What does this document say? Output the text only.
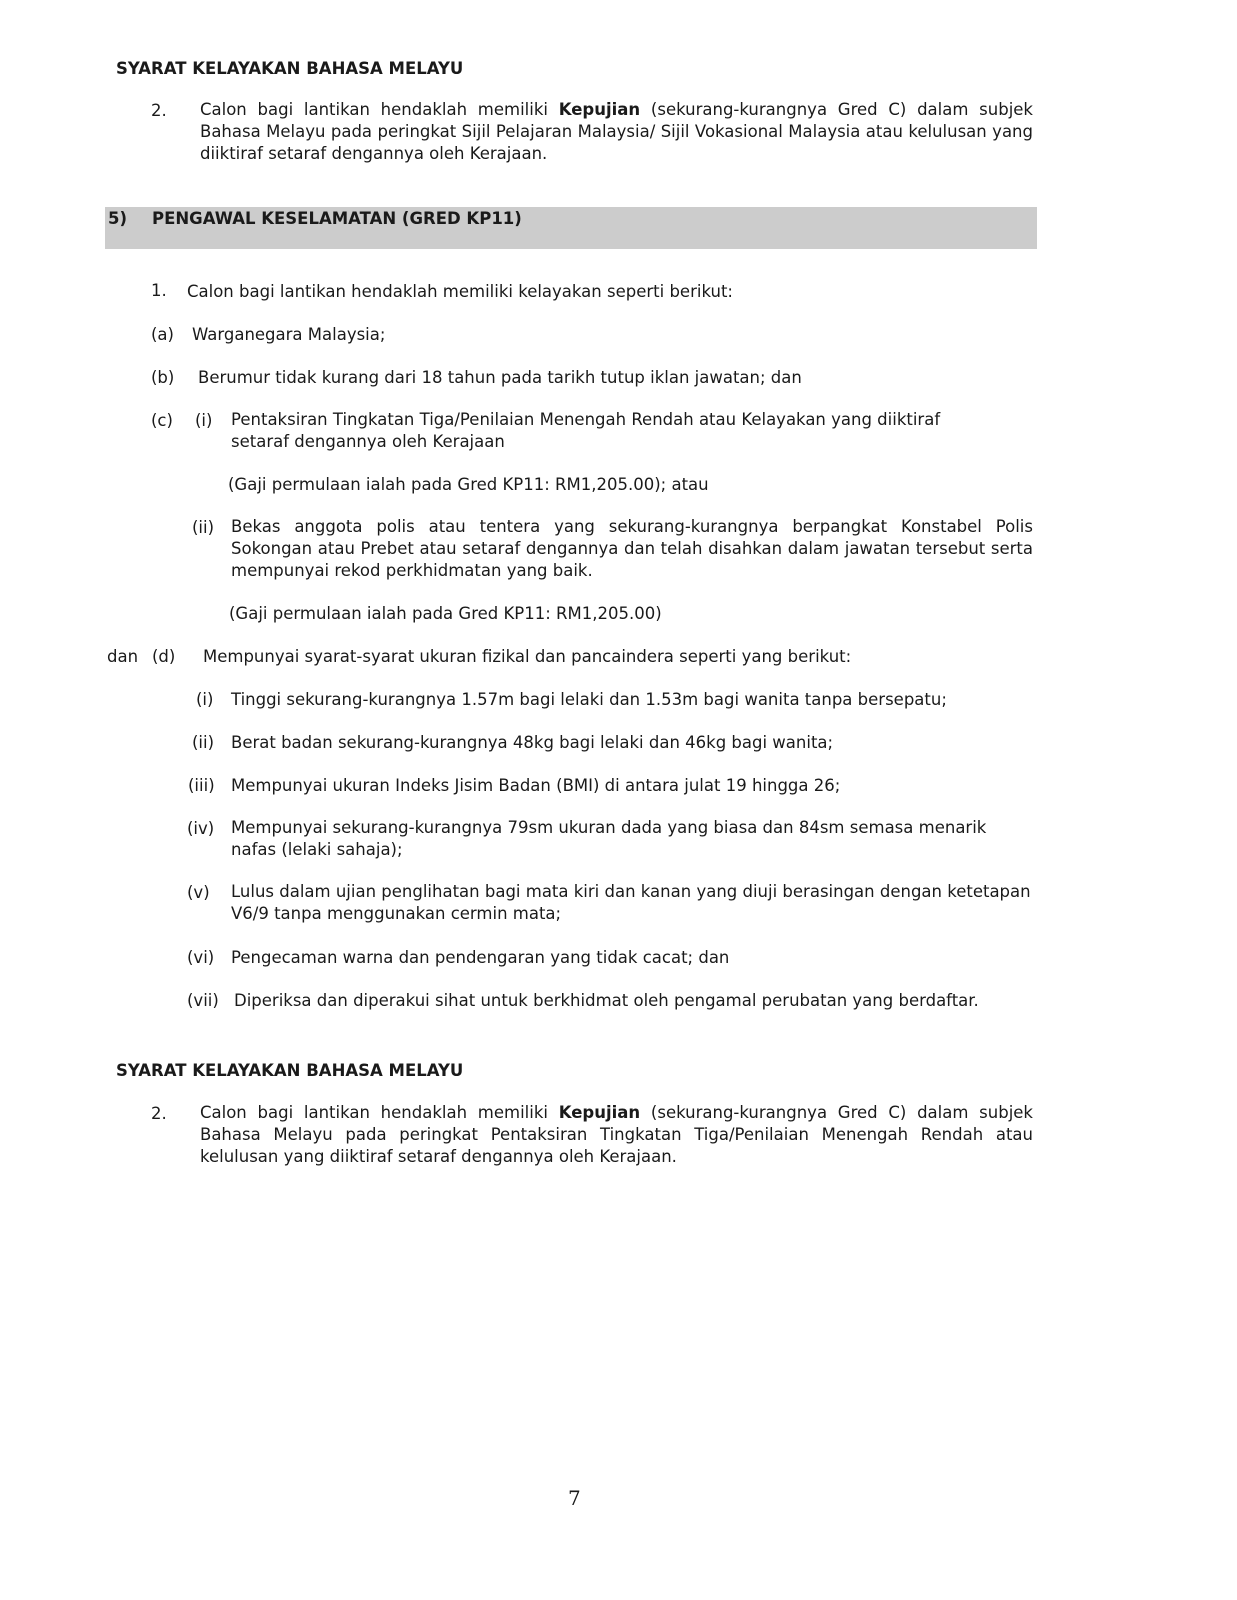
SYARAT KELAYAKAN BAHASA MELAYU
2. Calon bagi lantikan hendaklah memiliki Kepujian (sekurang-kurangnya Gred C) dalam subjek Bahasa Melayu pada peringkat Sijil Pelajaran Malaysia/ Sijil Vokasional Malaysia atau kelulusan yang diiktiraf setaraf dengannya oleh Kerajaan.

5) PENGAWAL KESELAMATAN (GRED KP11)
1. Calon bagi lantikan hendaklah memiliki kelayakan seperti berikut:
(a) Warganegara Malaysia;
(b) Berumur tidak kurang dari 18 tahun pada tarikh tutup iklan jawatan; dan
(c) (i) Pentaksiran Tingkatan Tiga/Penilaian Menengah Rendah atau Kelayakan yang diiktiraf setaraf dengannya oleh Kerajaan

(Gaji permulaan ialah pada Gred KP11: RM1,205.00); atau
(ii) Bekas anggota polis atau tentera yang sekurang-kurangnya berpangkat Konstabel Polis Sokongan atau Prebet atau setaraf dengannya dan telah disahkan dalam jawatan tersebut serta mempunyai rekod perkhidmatan yang baik.

(Gaji permulaan ialah pada Gred KP11: RM1,205.00)
dan (d) Mempunyai syarat-syarat ukuran fizikal dan pancaindera seperti yang berikut:
(i) Tinggi sekurang-kurangnya 1.57m bagi lelaki dan 1.53m bagi wanita tanpa bersepatu;
(ii) Berat badan sekurang-kurangnya 48kg bagi lelaki dan 46kg bagi wanita;
(iii) Mempunyai ukuran Indeks Jisim Badan (BMI) di antara julat 19 hingga 26;
(iv) Mempunyai sekurang-kurangnya 79sm ukuran dada yang biasa dan 84sm semasa menarik nafas (lelaki sahaja);

(v) Lulus dalam ujian penglihatan bagi mata kiri dan kanan yang diuji berasingan dengan ketetapan V6/9 tanpa menggunakan cermin mata;

(vi) Pengecaman warna dan pendengaran yang tidak cacat; dan
(vii) Diperiksa dan diperakui sihat untuk berkhidmat oleh pengamal perubatan yang berdaftar.
SYARAT KELAYAKAN BAHASA MELAYU
2. Calon bagi lantikan hendaklah memiliki Kepujian (sekurang-kurangnya Gred C) dalam subjek Bahasa Melayu pada peringkat Pentaksiran Tingkatan Tiga/Penilaian Menengah Rendah atau kelulusan yang diiktiraf setaraf dengannya oleh Kerajaan.

7
